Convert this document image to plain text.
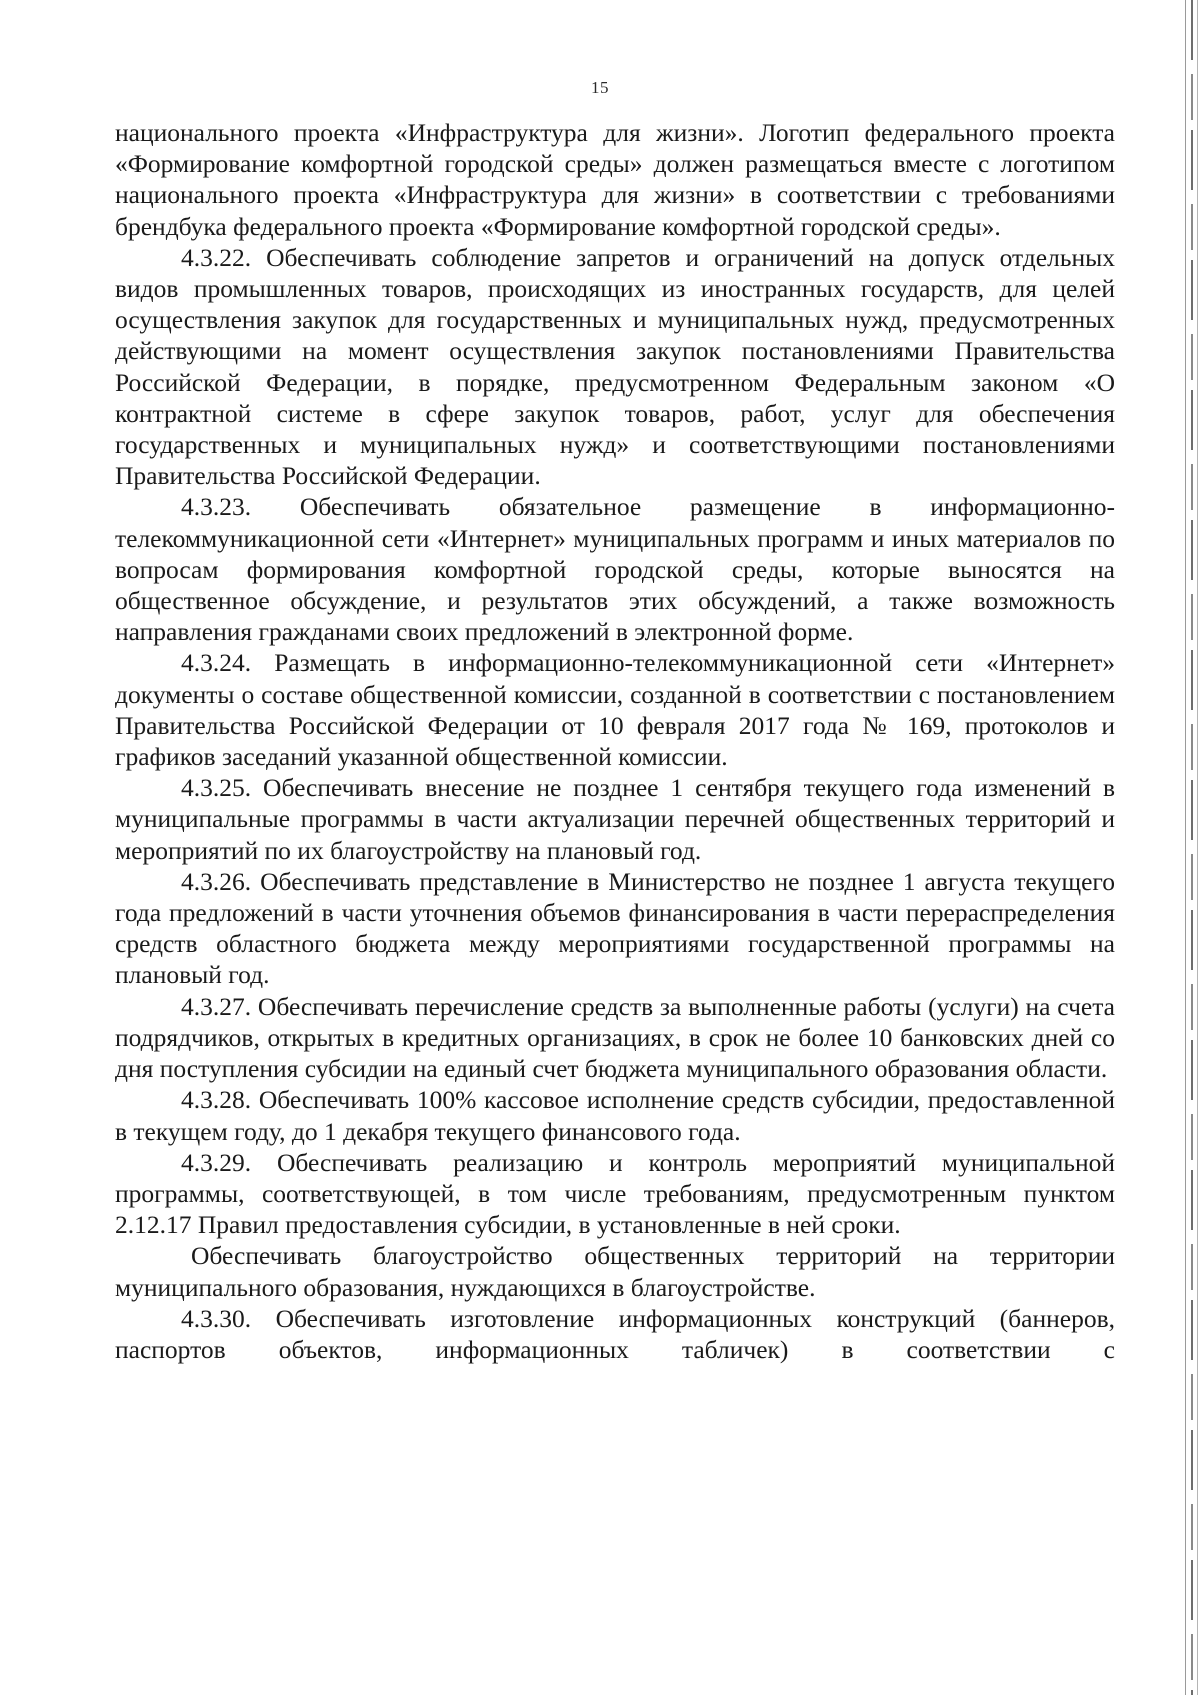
15

национального проекта «Инфраструктура для жизни». Логотип федерального проекта «Формирование комфортной городской среды» должен размещаться вместе с логотипом национального проекта «Инфраструктура для жизни» в соответствии с требованиями брендбука федерального проекта «Формирование комфортной городской среды».

4.3.22. Обеспечивать соблюдение запретов и ограничений на допуск отдельных видов промышленных товаров, происходящих из иностранных государств, для целей осуществления закупок для государственных и муниципальных нужд, предусмотренных действующими на момент осуществления закупок постановлениями Правительства Российской Федерации, в порядке, предусмотренном Федеральным законом «О контрактной системе в сфере закупок товаров, работ, услуг для обеспечения государственных и муниципальных нужд» и соответствующими постановлениями Правительства Российской Федерации.

4.3.23. Обеспечивать обязательное размещение в информационно-телекоммуникационной сети «Интернет» муниципальных программ и иных материалов по вопросам формирования комфортной городской среды, которые выносятся на общественное обсуждение, и результатов этих обсуждений, а также возможность направления гражданами своих предложений в электронной форме.

4.3.24. Размещать в информационно-телекоммуникационной сети «Интернет» документы о составе общественной комиссии, созданной в соответствии с постановлением Правительства Российской Федерации от 10 февраля 2017 года № 169, протоколов и графиков заседаний указанной общественной комиссии.

4.3.25. Обеспечивать внесение не позднее 1 сентября текущего года изменений в муниципальные программы в части актуализации перечней общественных территорий и мероприятий по их благоустройству на плановый год.

4.3.26. Обеспечивать представление в Министерство не позднее 1 августа текущего года предложений в части уточнения объемов финансирования в части перераспределения средств областного бюджета между мероприятиями государственной программы на плановый год.

4.3.27. Обеспечивать перечисление средств за выполненные работы (услуги) на счета подрядчиков, открытых в кредитных организациях, в срок не более 10 банковских дней со дня поступления субсидии на единый счет бюджета муниципального образования области.

4.3.28. Обеспечивать 100% кассовое исполнение средств субсидии, предоставленной в текущем году, до 1 декабря текущего финансового года.

4.3.29. Обеспечивать реализацию и контроль мероприятий муниципальной программы, соответствующей, в том числе требованиям, предусмотренным пунктом 2.12.17 Правил предоставления субсидии, в установленные в ней сроки.

Обеспечивать благоустройство общественных территорий на территории муниципального образования, нуждающихся в благоустройстве.

4.3.30. Обеспечивать изготовление информационных конструкций (баннеров, паспортов объектов, информационных табличек) в соответствии с
